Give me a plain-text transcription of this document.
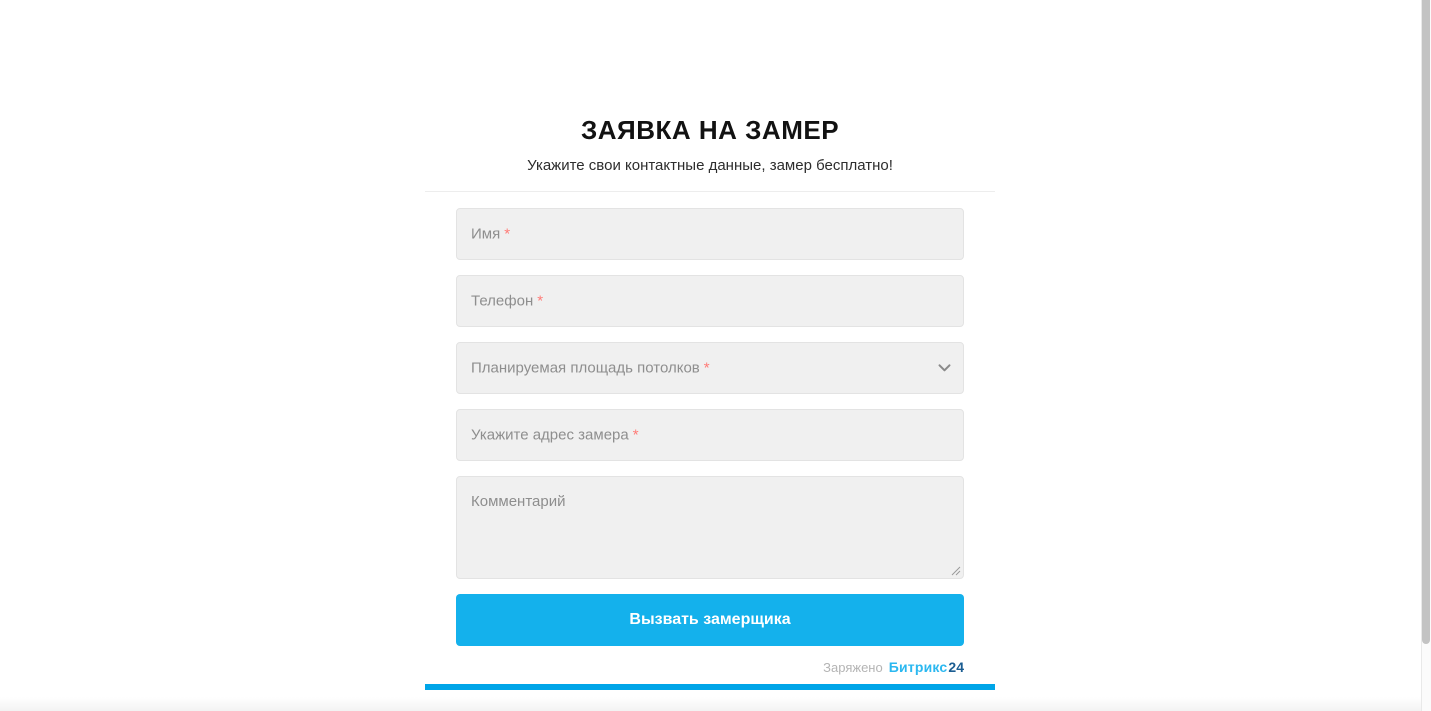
ЗАЯВКА НА ЗАМЕР
Укажите свои контактные данные, замер бесплатно!
Имя *
Телефон *
Планируемая площадь потолков *
Укажите адрес замера *
Комментарий
Вызвать замерщика
Заряжено Битрикс24
